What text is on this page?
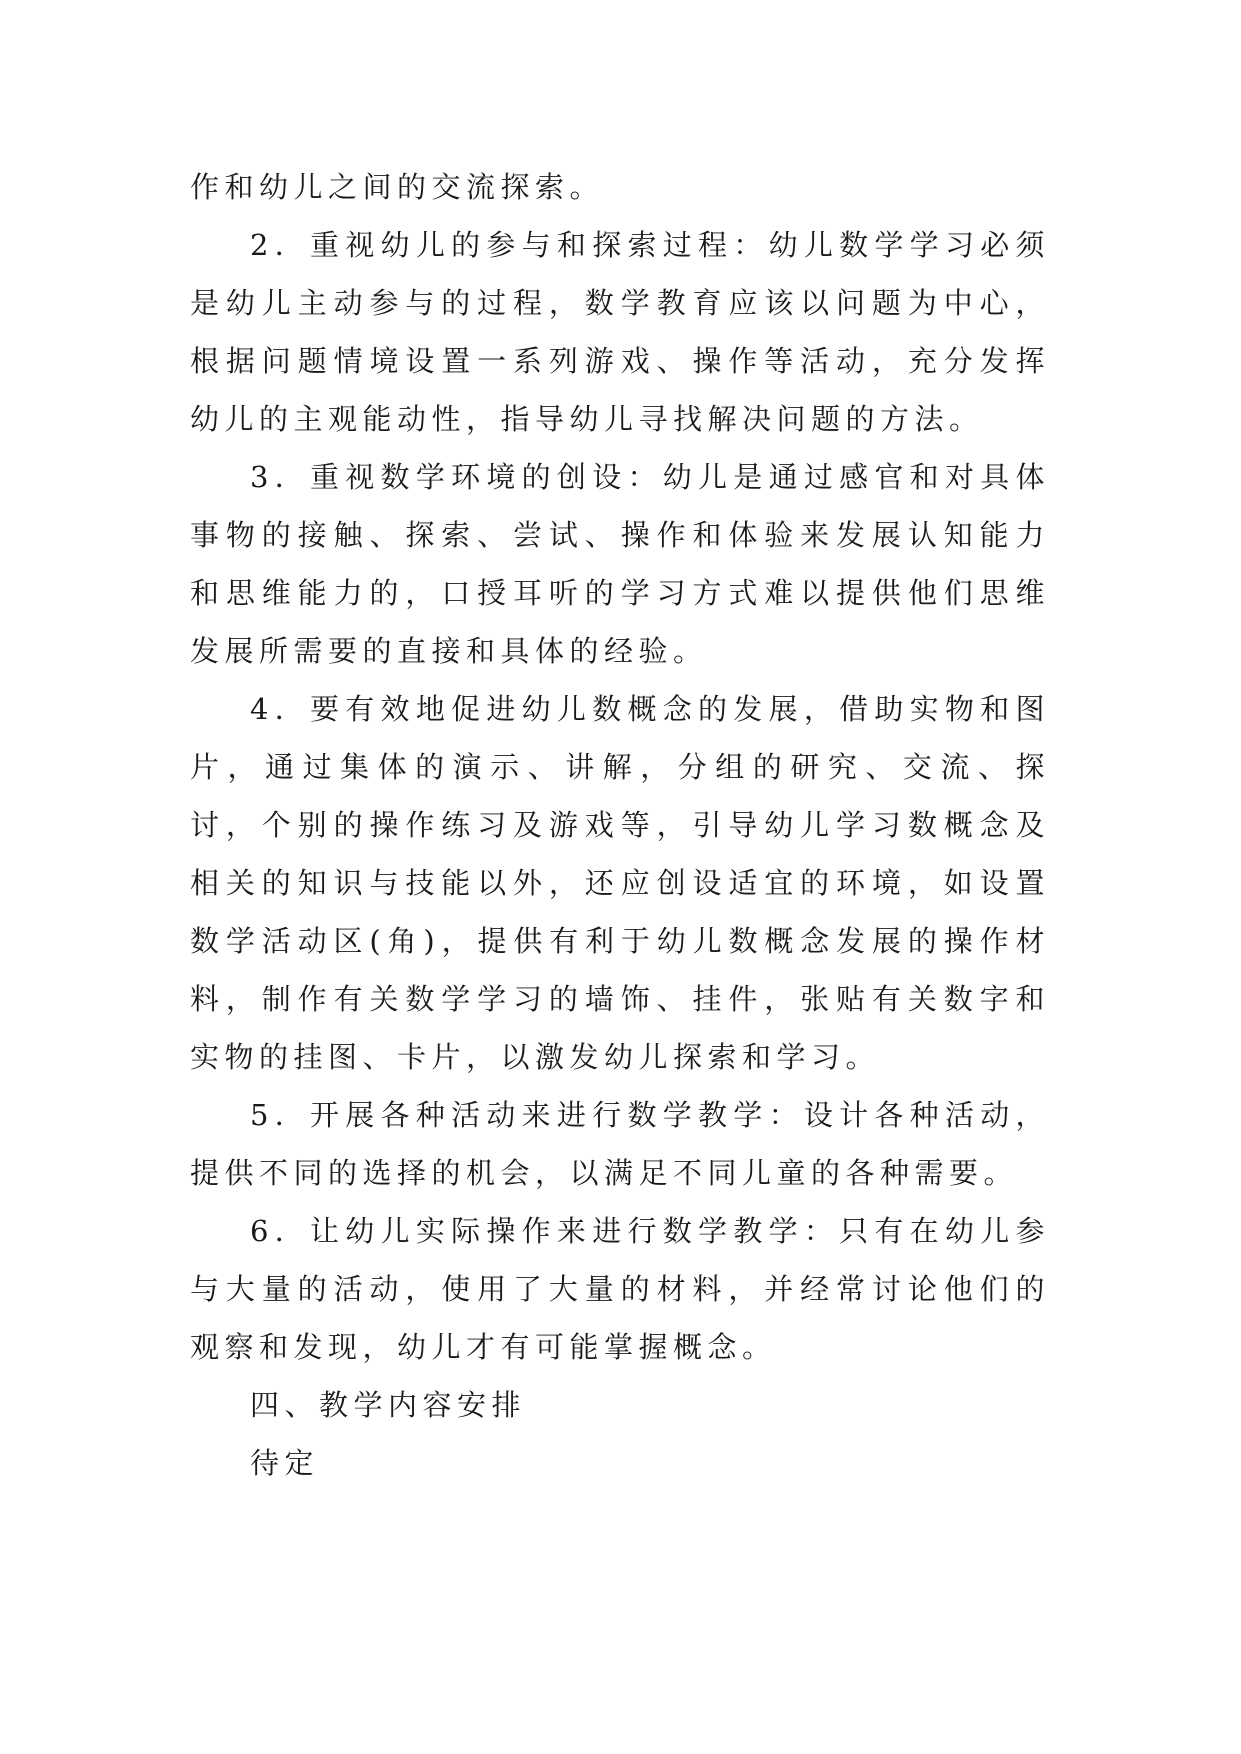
作和幼儿之间的交流探索。

2．重视幼儿的参与和探索过程：幼儿数学学习必须是幼儿主动参与的过程，数学教育应该以问题为中心，根据问题情境设置一系列游戏、操作等活动，充分发挥幼儿的主观能动性，指导幼儿寻找解决问题的方法。

3．重视数学环境的创设：幼儿是通过感官和对具体事物的接触、探索、尝试、操作和体验来发展认知能力和思维能力的，口授耳听的学习方式难以提供他们思维发展所需要的直接和具体的经验。

4．要有效地促进幼儿数概念的发展，借助实物和图片，通过集体的演示、讲解，分组的研究、交流、探讨，个别的操作练习及游戏等，引导幼儿学习数概念及相关的知识与技能以外，还应创设适宜的环境，如设置数学活动区(角)，提供有利于幼儿数概念发展的操作材料，制作有关数学学习的墙饰、挂件，张贴有关数字和实物的挂图、卡片，以激发幼儿探索和学习。

5．开展各种活动来进行数学教学：设计各种活动，提供不同的选择的机会，以满足不同儿童的各种需要。

6．让幼儿实际操作来进行数学教学：只有在幼儿参与大量的活动，使用了大量的材料，并经常讨论他们的观察和发现，幼儿才有可能掌握概念。

四、教学内容安排

待定
